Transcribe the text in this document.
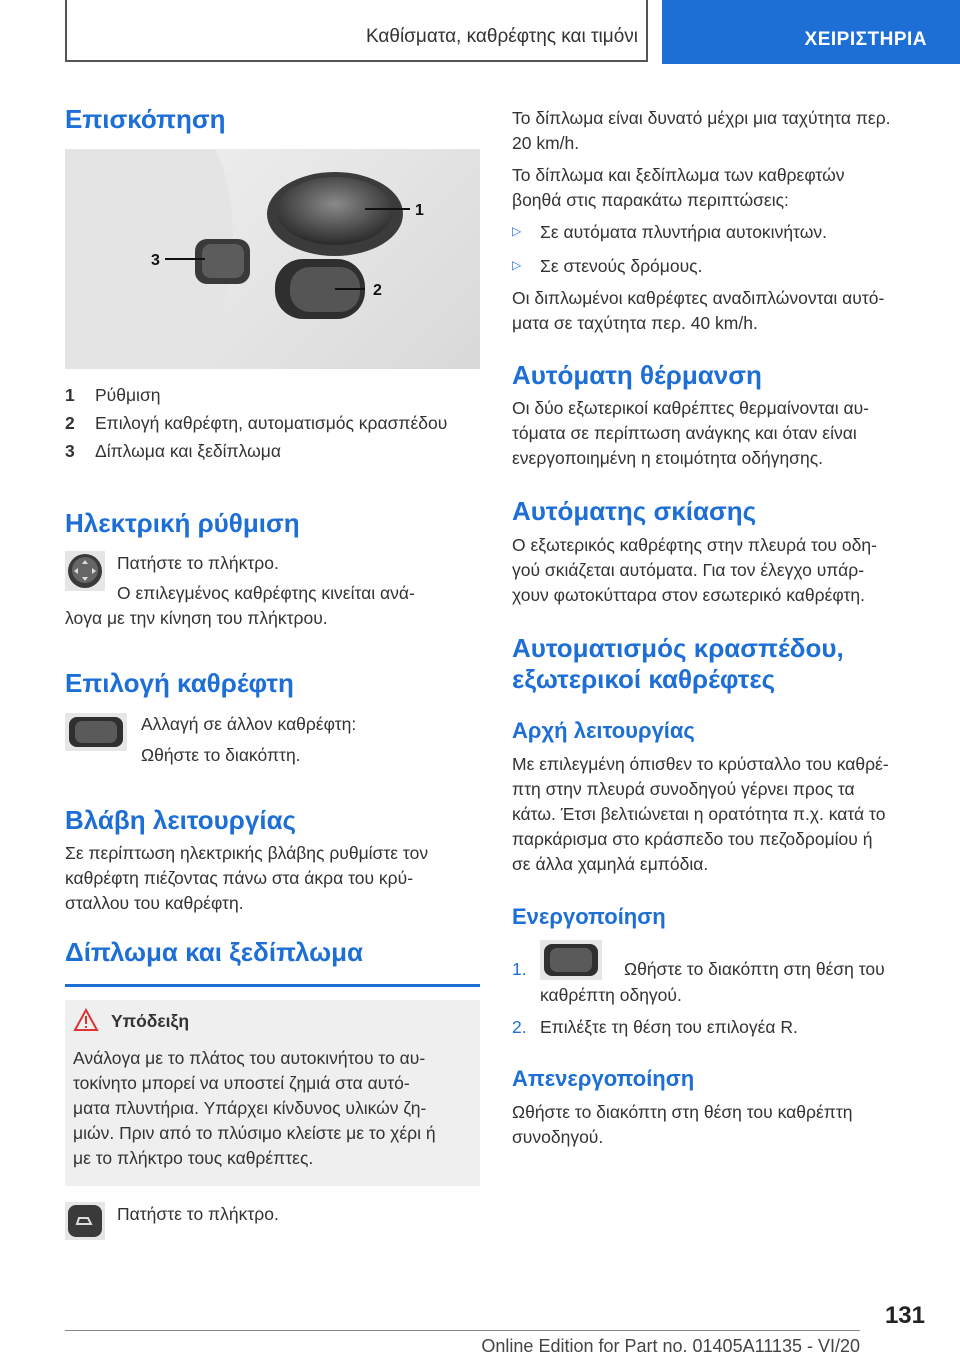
Καθίσματα, καθρέφτης και τιμόνι	ΧΕΙΡΙΣΤΗΡΙΑ
Επισκόπηση
1
2
3
1 Ρύθμιση
2 Επιλογή καθρέφτη, αυτοματισμός κρασπέδου
3 Δίπλωμα και ξεδίπλωμα
Ηλεκτρική ρύθμιση

Πατήστε το πλήκτρο.

Ο επιλεγμένος καθρέφτης κινείται ανά-

λογα με την κίνηση του πλήκτρου.

Επιλογή καθρέφτη

Αλλαγή σε άλλον καθρέφτη:

Ωθήστε το διακόπτη.

Βλάβη λειτουργίας

Σε περίπτωση ηλεκτρικής βλάβης ρυθμίστε τον

καθρέφτη πιέζοντας πάνω στα άκρα του κρύ-

σταλλου του καθρέφτη.

Δίπλωμα και ξεδίπλωμα
Υπόδειξη

Ανάλογα με το πλάτος του αυτοκινήτου το αυ-

τοκίνητο μπορεί να υποστεί ζημιά στα αυτό-

ματα πλυντήρια. Υπάρχει κίνδυνος υλικών ζη-

μιών. Πριν από το πλύσιμο κλείστε με το χέρι ή

με το πλήκτρο τους καθρέπτες.

Πατήστε το πλήκτρο.

Το δίπλωμα είναι δυνατό μέχρι μια ταχύτητα περ.

20 km/h.

Το δίπλωμα και ξεδίπλωμα των καθρεφτών

βοηθά στις παρακάτω περιπτώσεις:

▷ Σε αυτόματα πλυντήρια αυτοκινήτων.

▷ Σε στενούς δρόμους.

Οι διπλωμένοι καθρέφτες αναδιπλώνονται αυτό-

ματα σε ταχύτητα περ. 40 km/h.

Αυτόματη θέρμανση

Οι δύο εξωτερικοί καθρέπτες θερμαίνονται αυ-

τόματα σε περίπτωση ανάγκης και όταν είναι

ενεργοποιημένη η ετοιμότητα οδήγησης.

Αυτόματης σκίασης

Ο εξωτερικός καθρέφτης στην πλευρά του οδη-

γού σκιάζεται αυτόματα. Για τον έλεγχο υπάρ-

χουν φωτοκύτταρα στον εσωτερικό καθρέφτη.

Αυτοματισμός κρασπέδου,
εξωτερικοί καθρέφτες
Αρχή λειτουργίας

Με επιλεγμένη όπισθεν το κρύσταλλο του καθρέ-

πτη στην πλευρά συνοδηγού γέρνει προς τα

κάτω. Έτσι βελτιώνεται η ορατότητα π.χ. κατά το

παρκάρισμα στο κράσπεδο του πεζοδρομίου ή

σε άλλα χαμηλά εμπόδια.

Ενεργοποίηση
1.	Ωθήστε το διακόπτη στη θέση του

καθρέπτη οδηγού.

2. Επιλέξτε τη θέση του επιλογέα R.

Απενεργοποίηση

Ωθήστε το διακόπτη στη θέση του καθρέπτη

συνοδηγού.

131
Online Edition for Part no. 01405A11135 - VI/20
